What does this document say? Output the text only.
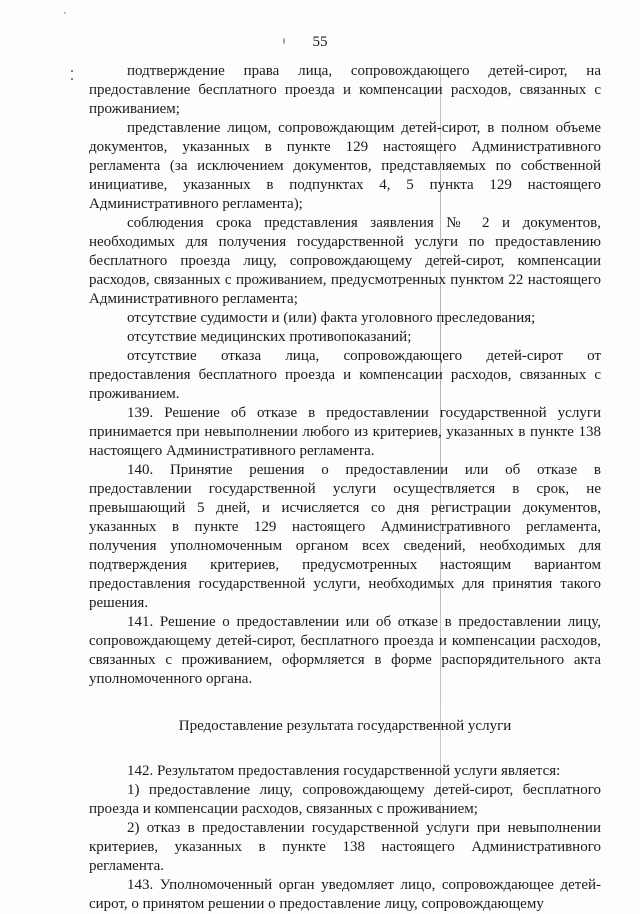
55

подтверждение права лица, сопровождающего детей-сирот, на предоставление бесплатного проезда и компенсации расходов, связанных с проживанием;

представление лицом, сопровождающим детей-сирот, в полном объеме документов, указанных в пункте 129 настоящего Административного регламента (за исключением документов, представляемых по собственной инициативе, указанных в подпунктах 4, 5 пункта 129 настоящего Административного регламента);

соблюдения срока представления заявления № 2 и документов, необходимых для получения государственной услуги по предоставлению бесплатного проезда лицу, сопровождающему детей-сирот, компенсации расходов, связанных с проживанием, предусмотренных пунктом 22 настоящего Административного регламента;

отсутствие судимости и (или) факта уголовного преследования;

отсутствие медицинских противопоказаний;

отсутствие отказа лица, сопровождающего детей-сирот от предоставления бесплатного проезда и компенсации расходов, связанных с проживанием.

139. Решение об отказе в предоставлении государственной услуги принимается при невыполнении любого из критериев, указанных в пункте 138 настоящего Административного регламента.

140. Принятие решения о предоставлении или об отказе в предоставлении государственной услуги осуществляется в срок, не превышающий 5 дней, и исчисляется со дня регистрации документов, указанных в пункте 129 настоящего Административного регламента, получения уполномоченным органом всех сведений, необходимых для подтверждения критериев, предусмотренных настоящим вариантом предоставления государственной услуги, необходимых для принятия такого решения.

141. Решение о предоставлении или об отказе в предоставлении лицу, сопровождающему детей-сирот, бесплатного проезда и компенсации расходов, связанных с проживанием, оформляется в форме распорядительного акта уполномоченного органа.

Предоставление результата государственной услуги

142. Результатом предоставления государственной услуги является:

1) предоставление лицу, сопровождающему детей-сирот, бесплатного проезда и компенсации расходов, связанных с проживанием;

2) отказ в предоставлении государственной услуги при невыполнении критериев, указанных в пункте 138 настоящего Административного регламента.

143. Уполномоченный орган уведомляет лицо, сопровождающее детей-сирот, о принятом решении о предоставление лицу, сопровождающему
